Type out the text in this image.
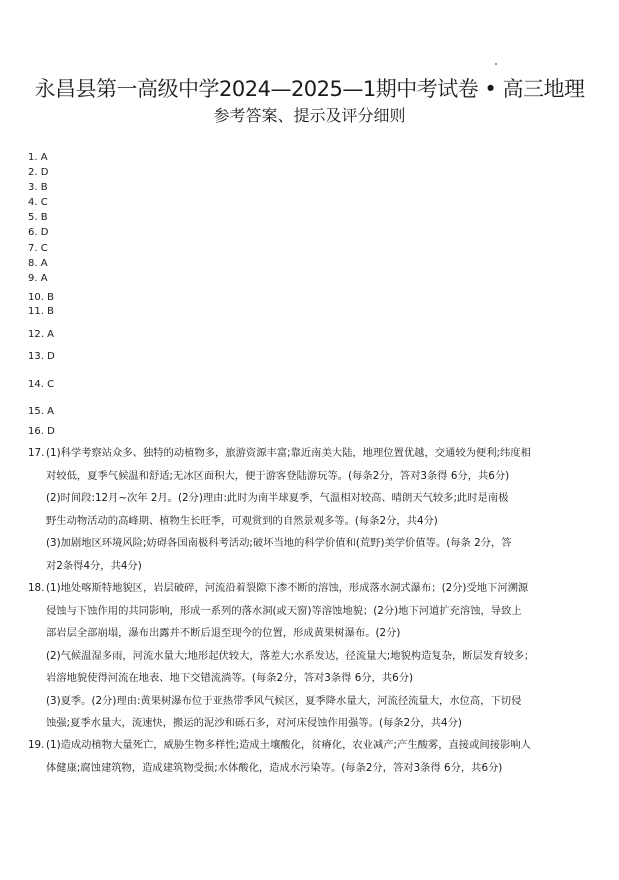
永昌县第一高级中学2024—2025—1期中考试卷 • 高三地理
参考答案、提示及评分细则
1. A
2. D
3. B
4. C
5. B
6. D
7. C
8. A
9. A
10. B
11. B
12. A
13. D
14. C
15. A
16. D
17. (1)科学考察站众多、独特的动植物多，旅游资源丰富;靠近南美大陆，地理位置优越，交通较为便利;纬度相
对较低，夏季气候温和舒适;无冰区面积大，便于游客登陆游玩等。(每条2分，答对3条得 6分，共6分)
(2)时间段:12月~次年 2月。(2分)理由:此时为南半球夏季，气温相对较高、晴朗天气较多;此时是南极
野生动物活动的高峰期、植物生长旺季，可观赏到的自然景观多等。(每条2分，共4分)
(3)加剧地区环境风险;妨碍各国南极科考活动;破坏当地的科学价值和(荒野)美学价值等。(每条 2分，答
对2条得4分，共4分)
18. (1)地处喀斯特地貌区，岩层破碎，河流沿着裂隙下渗不断的溶蚀，形成落水洞式瀑布；(2分)受地下河溯源
侵蚀与下蚀作用的共同影响，形成一系列的落水洞(或天窗)等溶蚀地貌；(2分)地下河道扩充溶蚀，导致上
部岩层全部崩塌，瀑布出露并不断后退至现今的位置，形成黄果树瀑布。(2分)
(2)气候温湿多雨，河流水量大;地形起伏较大，落差大;水系发达，径流量大;地貌构造复杂，断层发育较多；
岩溶地貌使得河流在地表、地下交错流淌等。(每条2分，答对3条得 6分，共6分)
(3)夏季。(2分)理由:黄果树瀑布位于亚热带季风气候区，夏季降水量大，河流径流量大，水位高，下切侵
蚀强;夏季水量大，流速快，搬运的泥沙和砾石多，对河床侵蚀作用强等。(每条2分，共4分)
19. (1)造成动植物大量死亡，威胁生物多样性;造成土壤酸化，贫瘠化，农业减产;产生酸雾，直接或间接影响人
体健康;腐蚀建筑物，造成建筑物受损;水体酸化，造成水污染等。(每条2分，答对3条得 6分，共6分)
